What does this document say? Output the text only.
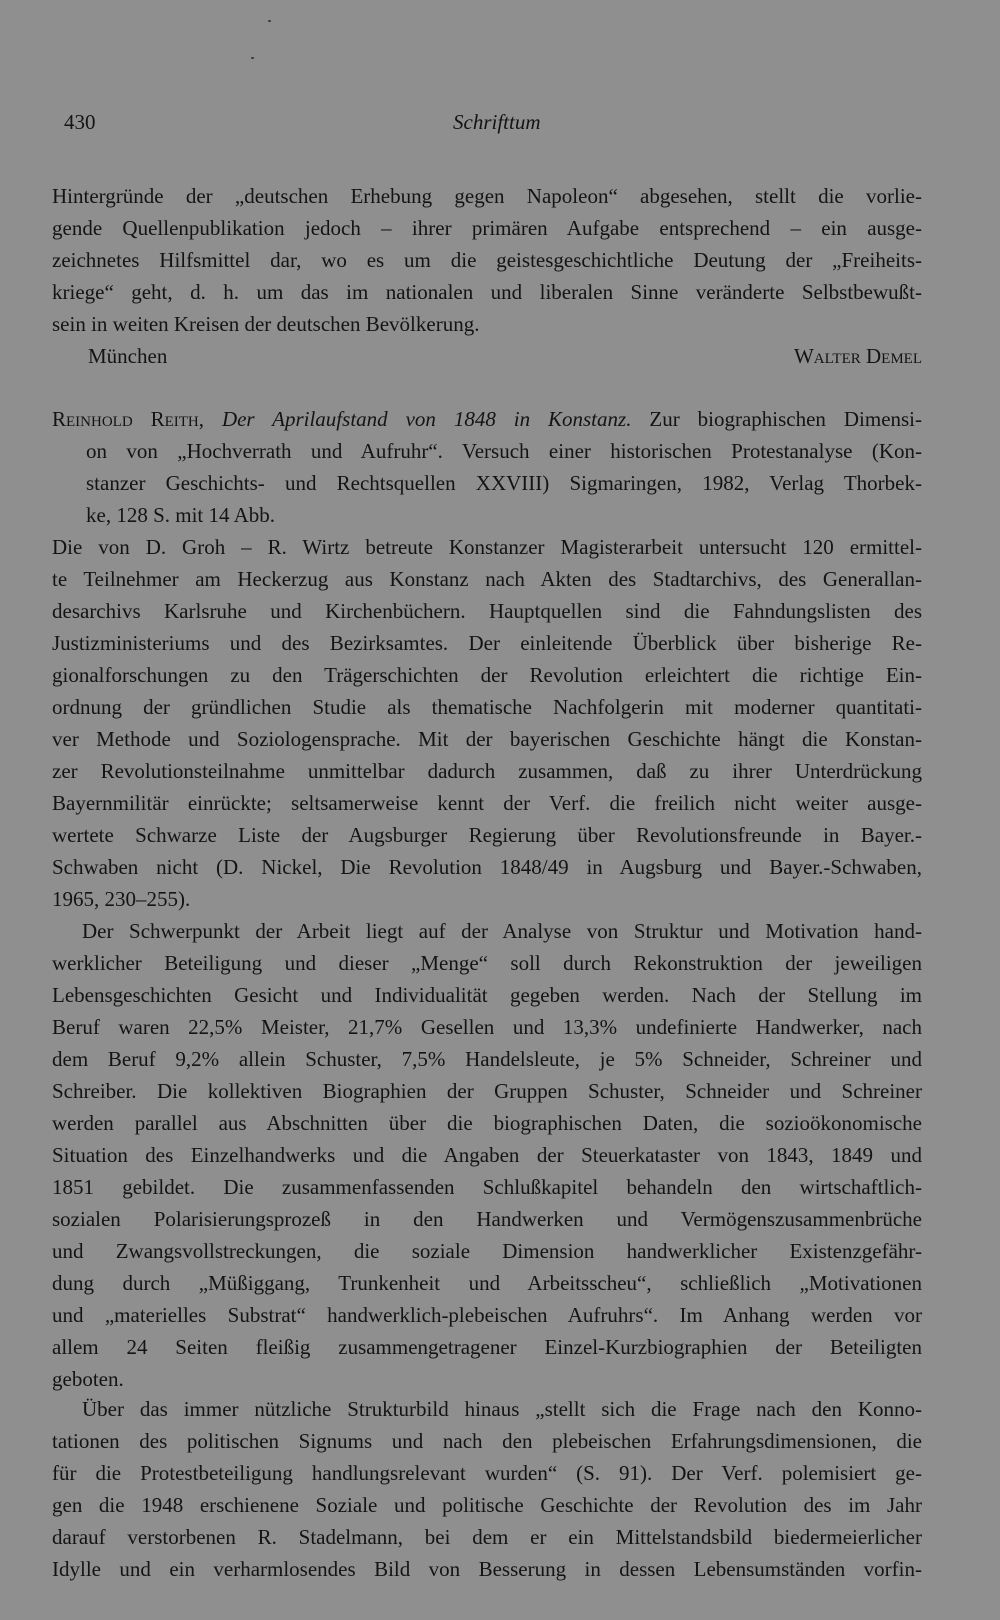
430	Schrifttum
Hintergründe der „deutschen Erhebung gegen Napoleon“ abgesehen, stellt die vorlie-
gende Quellenpublikation jedoch – ihrer primären Aufgabe entsprechend – ein ausge-
zeichnetes Hilfsmittel dar, wo es um die geistesgeschichtliche Deutung der „Freiheits-
kriege“ geht, d. h. um das im nationalen und liberalen Sinne veränderte Selbstbewußt-
sein in weiten Kreisen der deutschen Bevölkerung.
München	Walter Demel
Reinhold Reith, Der Aprilaufstand von 1848 in Konstanz. Zur biographischen Dimensi-
on von „Hochverrath und Aufruhr“. Versuch einer historischen Protestanalyse (Kon-
stanzer Geschichts- und Rechtsquellen XXVIII) Sigmaringen, 1982, Verlag Thorbek-
ke, 128 S. mit 14 Abb.
Die von D. Groh – R. Wirtz betreute Konstanzer Magisterarbeit untersucht 120 ermittel-
te Teilnehmer am Heckerzug aus Konstanz nach Akten des Stadtarchivs, des Generallan-
desarchivs Karlsruhe und Kirchenbüchern. Hauptquellen sind die Fahndungslisten des
Justizministeriums und des Bezirksamtes. Der einleitende Überblick über bisherige Re-
gionalforschungen zu den Trägerschichten der Revolution erleichtert die richtige Ein-
ordnung der gründlichen Studie als thematische Nachfolgerin mit moderner quantitati-
ver Methode und Soziologensprache. Mit der bayerischen Geschichte hängt die Konstan-
zer Revolutionsteilnahme unmittelbar dadurch zusammen, daß zu ihrer Unterdrückung
Bayernmilitär einrückte; seltsamerweise kennt der Verf. die freilich nicht weiter ausge-
wertete Schwarze Liste der Augsburger Regierung über Revolutionsfreunde in Bayer.-
Schwaben nicht (D. Nickel, Die Revolution 1848/49 in Augsburg und Bayer.-Schwaben,
1965, 230–255).
Der Schwerpunkt der Arbeit liegt auf der Analyse von Struktur und Motivation hand-
werklicher Beteiligung und dieser „Menge“ soll durch Rekonstruktion der jeweiligen
Lebensgeschichten Gesicht und Individualität gegeben werden. Nach der Stellung im
Beruf waren 22,5% Meister, 21,7% Gesellen und 13,3% undefinierte Handwerker, nach
dem Beruf 9,2% allein Schuster, 7,5% Handelsleute, je 5% Schneider, Schreiner und
Schreiber. Die kollektiven Biographien der Gruppen Schuster, Schneider und Schreiner
werden parallel aus Abschnitten über die biographischen Daten, die sozioökonomische
Situation des Einzelhandwerks und die Angaben der Steuerkataster von 1843, 1849 und
1851 gebildet. Die zusammenfassenden Schlußkapitel behandeln den wirtschaftlich-
sozialen Polarisierungsprozeß in den Handwerken und Vermögenszusammenbrüche
und Zwangsvollstreckungen, die soziale Dimension handwerklicher Existenzgefähr-
dung durch „Müßiggang, Trunkenheit und Arbeitsscheu“, schließlich „Motivationen
und „materielles Substrat“ handwerklich-plebeischen Aufruhrs“. Im Anhang werden vor
allem 24 Seiten fleißig zusammengetragener Einzel-Kurzbiographien der Beteiligten
geboten.
Über das immer nützliche Strukturbild hinaus „stellt sich die Frage nach den Konno-
tationen des politischen Signums und nach den plebeischen Erfahrungsdimensionen, die
für die Protestbeteiligung handlungsrelevant wurden“ (S. 91). Der Verf. polemisiert ge-
gen die 1948 erschienene Soziale und politische Geschichte der Revolution des im Jahr
darauf verstorbenen R. Stadelmann, bei dem er ein Mittelstandsbild biedermeierlicher
Idylle und ein verharmlosendes Bild von Besserung in dessen Lebensumständen vorfin-
